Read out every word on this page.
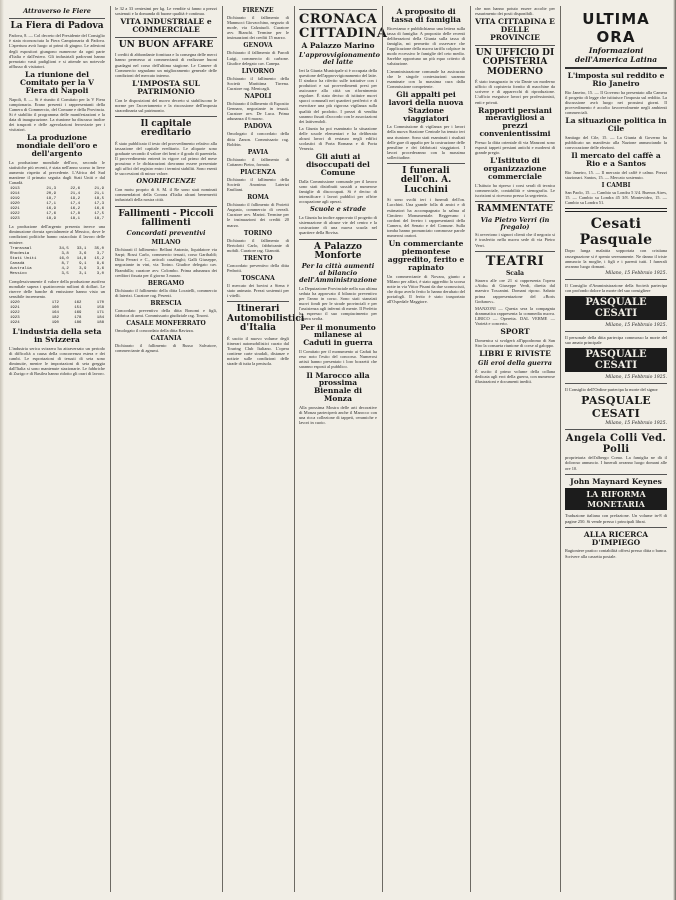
Attraverso le Fiere
La Fiera di Padova

Padova, 8. — Col decreto del Presidente del Consiglio è stata riconosciuta la Fiera Campionaria di Padova. L'apertura avrà luogo ai primi di giugno. Le adesioni degli espositori giungono numerose da ogni parte d'Italia e dall'estero. Gli industriali padovani hanno prenotato vasti padiglioni e si attende un notevole afflusso di visitatori.

La riunione del Comitato per la V Fiera di Napoli

Napoli, 8. — Si è riunito il Comitato per la V Fiera campionaria. Erano presenti i rappresentanti della Camera di Commercio, del Comune e della Provincia. Si è stabilito il programma delle manifestazioni e la data di inaugurazione. La riunione ha discusso inoltre dei trasporti e delle agevolazioni ferroviarie per i visitatori.

La produzione mondiale dell'oro e dell'argento

La produzione mondiale dell'oro, secondo le statistiche più recenti, è stata nell'anno scorso in lieve aumento rispetto al precedente. L'Africa del Sud mantiene il primato seguita dagli Stati Uniti e dal Canadà.

1913	21,3	22,6	21,9
1914	20,9	21,4	21,1
1919	18,7	19,2	18,5
1920	17,1	17,4	17,3
1921	16,9	16,2	16,6
1922	17,6	17,8	17,5
1923	18,9	18,1	18,7

La produzione dell'argento presenta invece una diminuzione dovuta specialmente al Messico, dove le condizioni politiche hanno ostacolato il lavoro delle miniere.

Transvaal	34,5	33,1	35,0
Rhodesia	3,8	3,6	3,7
Stati Uniti	16,0	14,8	15,2
Canadà	8,7	9,1	9,6
Australia	4,2	3,9	3,6
Messico	3,5	3,1	3,0

Complessivamente il valore della produzione aurifera mondiale supera i quattrocento milioni di dollari. Le riserve delle banche di emissione hanno visto un sensibile incremento.

1920	172	162	170
1921	160	151	158
1922	164	169	171
1923	182	178	184
1924	190	186	188
L'industria della seta in Svizzera

L'industria serica svizzera ha attraversato un periodo di difficoltà a causa della concorrenza estera e dei cambi. Le esportazioni di tessuti di seta sono diminuite, mentre le importazioni di seta greggia dall'Italia si sono mantenute stazionarie. Le fabbriche di Zurigo e di Basilea hanno ridotto gli orari di lavoro.

le 32 a 33 centesimi per kg. Le vendite si fanno a prezzi sostenuti e la domanda di buone qualità è continua.

VITA INDUSTRIALE e COMMERCIALE
UN BUON AFFARE

I crediti di abbondante fornitura e la consegna delle merci hanno permesso ai commercianti di realizzare buoni guadagni nel corso dell'ultima stagione. Le Camere di Commercio segnalano un miglioramento generale delle condizioni del mercato interno.

L'IMPOSTA SUL PATRIMONIO

Con le disposizioni del nuovo decreto si stabiliscono le norme per l'accertamento e la riscossione dell'imposta straordinaria sul patrimonio.

Il capitale ereditario

È stato pubblicato il testo del provvedimento relativo alla tassazione del capitale ereditario. Le aliquote sono graduate secondo il valore dei beni e il grado di parentela. Il provvedimento entrerà in vigore col primo del mese prossimo e le dichiarazioni dovranno essere presentate agli uffici del registro entro i termini stabiliti. Sono esenti le successioni di minor valore.

ONORIFICENZE

Con motu proprio di S. M. il Re sono stati nominati commendatori della Corona d'Italia alcuni benemeriti industriali della nostra città.

Fallimenti - Piccoli fallimenti
Concordati preventivi
MILANO

Dichiarati il fallimento: Bellani Antonio, liquidatore via Sarpi; Rossi Carlo, commercio tessuti, corso Garibaldi; Ditta Ferrari e C., articoli casalinghi; Galli Giuseppe, negoziante in vini, via Torino. Giudice delegato cav. Brambilla; curatore avv. Colombo. Prima adunanza dei creditori fissata per il giorno 3 marzo.

BERGAMO

Dichiarato il fallimento della ditta Locatelli, commercio di laterizi. Curatore rag. Pesenti.

BRESCIA

Concordato preventivo della ditta Bonomi e figli, fabbrica di armi. Commissario giudiziale rag. Tosoni.

CASALE MONFERRATO

Omologato il concordato della ditta Ravizza.

CATANIA

Dichiarato il fallimento di Russo Salvatore, commerciante di agrumi.

FIRENZE

Dichiarato il fallimento di Mannucci Giovacchino, negozio di mode, via Calzaiuoli. Curatore avv. Bianchi. Termine per le insinuazioni dei crediti 15 marzo.

GENOVA

Dichiarato il fallimento di Parodi Luigi, commercio di carbone. Giudice delegato cav. Canepa.

LIVORNO

Dichiarato il fallimento della Società Marittima Tirrena. Curatore rag. Menicagli.

NAPOLI

Dichiarato il fallimento di Esposito Gennaro, negoziante in tessuti. Curatore avv. De Luca. Prima adunanza il 6 marzo.

PADOVA

Omologato il concordato della ditta Zanon. Commissario rag. Boldrin.

PAVIA

Dichiarato il fallimento di Cattaneo Pietro, fornaio.

PIACENZA

Dichiarato il fallimento della Società Anonima Laterizi Emiliani.

ROMA

Dichiarato il fallimento di Proietti Augusto, commercio di cereali. Curatore avv. Marini. Termine per le insinuazioni dei crediti 20 marzo.

TORINO

Dichiarato il fallimento di Bertolotti Carlo, fabbricante di mobili. Curatore rag. Gianotti.

TRENTO

Concordato preventivo della ditta Pedrotti.

TOSCANA

Il mercato dei bovini a Siena è stato animato. Prezzi sostenuti per i vitelli.

Itinerari Automobilistici d'Italia

È uscito il nuovo volume degli itinerari automobilistici curato dal Touring Club Italiano. L'opera contiene carte stradali, distanze e notizie sulle condizioni delle strade di tutta la penisola.

CRONACA CITTADINA
A Palazzo Marino
L'approvvigionamento del latte

Ieri la Giunta Municipale si è occupata della questione dell'approvvigionamento del latte. Il sindaco ha riferito sulle trattative con i produttori e sui provvedimenti presi per assicurare alla città un rifornimento regolare. È stato deciso di istituire nuovi spacci comunali nei quartieri periferici e di esercitare una più rigorosa vigilanza sulla qualità del prodotto. I prezzi di vendita saranno fissati d'accordo con le associazioni dei lattivendoli.

La Giunta ha poi esaminato la situazione delle scuole elementari e ha deliberato alcuni lavori di restauro negli edifici scolastici di Porta Romana e di Porta Venezia.

Gli aiuti ai disoccupati del Comune

Dalla Commissione comunale per il lavoro sono stati distribuiti sussidi a numerose famiglie di disoccupati. Si è deciso di intensificare i lavori pubblici per offrire occupazione agli operai.

Scuole e strade

La Giunta ha inoltre approvato il progetto di sistemazione di alcune vie del centro e la costruzione di una nuova scuola nel quartiere della Bovisa.

A Palazzo Monforte
Per la città aumenti al bilancio dell'Amministrazione

La Deputazione Provinciale nella sua ultima seduta ha approvato il bilancio preventivo per l'anno in corso. Sono stati stanziati nuovi fondi per le strade provinciali e per l'assistenza agli infermi di mente. Il Prefetto ha espresso il suo compiacimento per l'opera svolta.

Per il monumento milanese ai Caduti in guerra

Il Comitato per il monumento ai Caduti ha reso noto l'esito del concorso. Numerosi artisti hanno presentato i loro bozzetti che saranno esposti al pubblico.

Il Marocco alla prossima Biennale di Monza

Alla prossima Mostra delle arti decorative di Monza parteciperà anche il Marocco con una ricca collezione di tappeti, ceramiche e lavori in cuoio.

A proposito di tassa di famiglia

Riceviamo e pubblichiamo una lettera sulla tassa di famiglia: A proposito delle recenti deliberazioni della Giunta sulla tassa di famiglia, mi permetto di osservare che l'applicazione della nuova tariffa colpisce in modo eccessivo le famiglie del ceto medio. Sarebbe opportuno un più equo criterio di valutazione.

L'amministrazione comunale ha assicurato che le singole contestazioni saranno esaminate con la massima cura dalla Commissione competente.

Gli appalti pei lavori della nuova Stazione viaggiatori

La Commissione di vigilanza per i lavori della nuova Stazione Centrale ha tenuto ieri una riunione. Sono stati esaminati i risultati delle gare di appalto per la costruzione delle pensiline e dei fabbricati viaggiatori. I lavori procederanno con la massima sollecitudine.

I funerali dell'on. A. Lucchini

Si sono svolti ieri i funerali dell'on. Lucchini. Una grande folla di amici e di estimatori ha accompagnato la salma al Cimitero Monumentale. Reggevano i cordoni del feretro i rappresentanti della Camera, del Senato e del Comune. Sulla tomba hanno pronunciato commosse parole numerosi oratori.

Un commerciante piemontese aggredito, ferito e rapinato

Un commerciante di Novara, giunto a Milano per affari, è stato aggredito la scorsa notte in via Vittor Pisani da due sconosciuti, che dopo averlo ferito lo hanno derubato del portafogli. Il ferito è stato trasportato all'Ospedale Maggiore.

che non hanno potuto essere accolte per esaurimento dei posti disponibili.

VITA CITTADINA E DELLE PROVINCIE
UN UFFICIO DI COPISTERIA MODERNO

È stato inaugurato in via Dante un moderno ufficio di copisteria fornito di macchine da scrivere e di apparecchi di riproduzione. L'ufficio eseguisce lavori per professionisti, enti e privati.

Rapporti persiani meravigliosi a prezzi convenientissimi

Presso la ditta orientale di via Manzoni sono esposti tappeti persiani antichi e moderni di grande pregio.

L'Istituto di organizzazione commerciale

L'Istituto ha ripreso i corsi serali di tecnica commerciale, contabilità e stenografia. Le iscrizioni si ricevono presso la segreteria.

RAMMENTATE
Via Pietro Verri (in fregalo)

Si avvertono i signori clienti che il negozio si è trasferito nella nuova sede di via Pietro Verri.

TEATRI
Scala

Stasera alle ore 21 si rappresenta l'opera «Aida» di Giuseppe Verdi, diretta dal maestro Toscanini. Domani riposo. Sabato prima rappresentazione del «Boris Godunov».

MANZONI — Questa sera la compagnia drammatica rappresenta la commedia nuova. LIRICO — Operetta. DAL VERME — Varietà e concerto.

SPORT

Domenica si svolgerà all'ippodromo di San Siro la consueta riunione di corse al galoppo.

LIBRI E RIVISTE
Gli eroi della guerra

È uscito il primo volume della collana dedicata agli eroi della guerra, con numerose illustrazioni e documenti inediti.

ULTIMA ORA
Informazioni dell'America Latina
L'imposta sul reddito e Rio Janeiro

Rio Janeiro, 15. — Il Governo ha presentato alla Camera il progetto di legge che istituisce l'imposta sul reddito. La discussione avrà luogo nei prossimi giorni. Il provvedimento è accolto favorevolmente negli ambienti commerciali.

La situazione politica in Cile

Santiago del Cile, 15. — La Giunta di Governo ha pubblicato un manifesto alla Nazione annunciando la convocazione delle elezioni.

Il mercato del caffè a Rio e a Santos

Rio Janeiro, 15. — Il mercato del caffè è calmo. Prezzi stazionari. Santos, 15. — Mercato sostenuto.

I CAMBI

San Paolo, 15. — Cambio su Londra 5 3/4. Buenos Aires, 15. — Cambio su Londra 45 3/8. Montevideo, 15. — Cambio su Londra 51.

Cesati Pasquale

Dopo lunga malattia sopportata con cristiana rassegnazione si è spento serenamente. Ne danno il triste annuncio la moglie, i figli e i parenti tutti. I funerali avranno luogo domani.

Milano, 15 Febbraio 1925.

Il Consiglio d'Amministrazione della Società partecipa con profondo dolore la morte del suo consigliere

PASQUALE CESATI
Milano, 15 Febbraio 1925.

Il personale della ditta partecipa commosso la morte del suo amato principale

PASQUALE CESATI
Milano, 15 Febbraio 1925.

Il Consiglio dell'Ordine partecipa la morte del signor

PASQUALE CESATI
Milano, 15 Febbraio 1925.
Angela Colli Ved. Polli

proprietaria dell'albergo Como. La famiglia ne dà il doloroso annuncio. I funerali avranno luogo domani alle ore 10.

John Maynard Keynes
LA RIFORMA MONETARIA

Traduzione italiana con prefazione. Un volume in-8 di pagine 250. Si vende presso i principali librai.

ALLA RICERCA D'IMPIEGO

Ragioniere pratico contabilità offresi presso ditta o banca. Scrivere alla cassetta postale.
